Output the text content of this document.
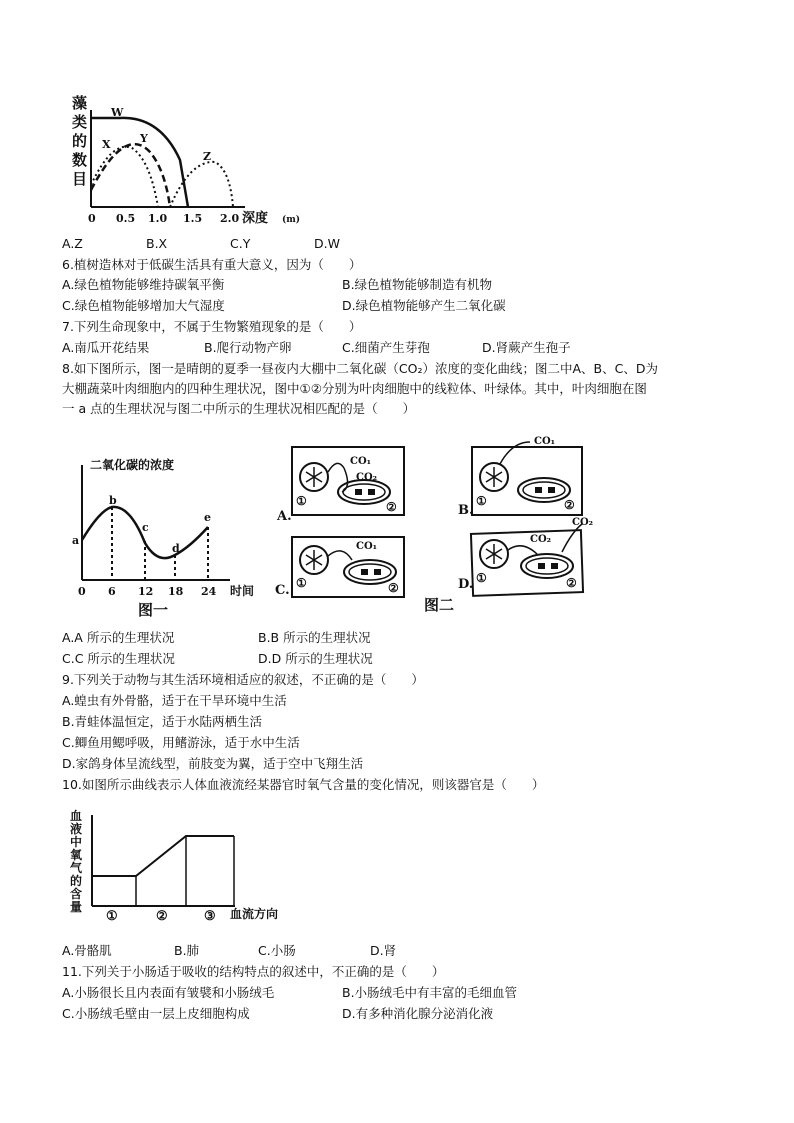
藻类的数目
W
X	Y
Z
0 0.5 1.0 1.5 2.0 深度 (m)
A.Z	B.X	C.Y	D.W
6.植树造林对于低碳生活具有重大意义，因为（　　）
A.绿色植物能够维持碳氧平衡	B.绿色植物能够制造有机物
C.绿色植物能够增加大气湿度	D.绿色植物能够产生二氧化碳
7.下列生命现象中，不属于生物繁殖现象的是（　　）
A.南瓜开花结果	B.爬行动物产卵	C.细菌产生芽孢	D.肾蕨产生孢子
8.如下图所示，图一是晴朗的夏季一昼夜内大棚中二氧化碳（CO₂）浓度的变化曲线；图二中A、B、C、D为
大棚蔬菜叶肉细胞内的四种生理状况，图中①②分别为叶肉细胞中的线粒体、叶绿体。其中，叶肉细胞在图
一 a 点的生理状况与图二中所示的生理状况相匹配的是（　　）
二氧化碳的浓度
a
b
c
d
e
0 6 12 18 24 时间
图一
CO₁
CO₂
①	②
A.
CO₁
①	②
B.
CO₁
①	②
C.
CO₂
CO₂
①	②
D.
图二
A.A 所示的生理状况	B.B 所示的生理状况
C.C 所示的生理状况	D.D 所示的生理状况
9.下列关于动物与其生活环境相适应的叙述，不正确的是（　　）
A.蝗虫有外骨骼，适于在干旱环境中生活
B.青蛙体温恒定，适于水陆两栖生活
C.鲫鱼用鳃呼吸，用鳍游泳，适于水中生活
D.家鸽身体呈流线型，前肢变为翼，适于空中飞翔生活
10.如图所示曲线表示人体血液流经某器官时氧气含量的变化情况，则该器官是（　　）
血液中氧气的含量
①	②	③ 血流方向
A.骨骼肌	B.肺	C.小肠	D.肾
11.下列关于小肠适于吸收的结构特点的叙述中，不正确的是（　　）
A.小肠很长且内表面有皱襞和小肠绒毛	B.小肠绒毛中有丰富的毛细血管
C.小肠绒毛壁由一层上皮细胞构成	D.有多种消化腺分泌消化液
